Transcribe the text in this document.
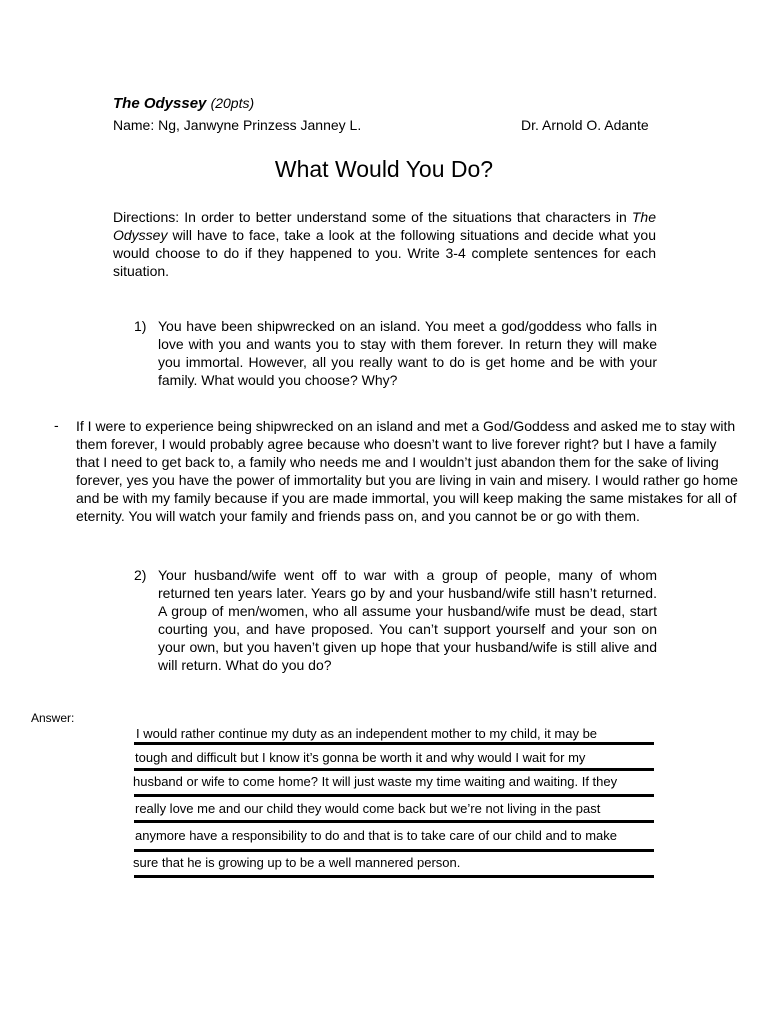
The Odyssey (20pts)
Name: Ng, Janwyne Prinzess Janney L.	Dr. Arnold O. Adante
What Would You Do?
Directions: In order to better understand some of the situations that characters in The Odyssey will have to face, take a look at the following situations and decide what you would choose to do if they happened to you. Write 3-4 complete sentences for each situation.
1) You have been shipwrecked on an island. You meet a god/goddess who falls in love with you and wants you to stay with them forever. In return they will make you immortal. However, all you really want to do is get home and be with your family. What would you choose? Why?
- If I were to experience being shipwrecked on an island and met a God/Goddess and asked me to stay with them forever, I would probably agree because who doesn’t want to live forever right? but I have a family that I need to get back to, a family who needs me and I wouldn’t just abandon them for the sake of living forever, yes you have the power of immortality but you are living in vain and misery. I would rather go home and be with my family because if you are made immortal, you will keep making the same mistakes for all of eternity. You will watch your family and friends pass on, and you cannot be or go with them.
2) Your husband/wife went off to war with a group of people, many of whom returned ten years later. Years go by and your husband/wife still hasn’t returned. A group of men/women, who all assume your husband/wife must be dead, start courting you, and have proposed. You can’t support yourself and your son on your own, but you haven’t given up hope that your husband/wife is still alive and will return. What do you do?
Answer:
I would rather continue my duty as an independent mother to my child, it may be
tough and difficult but I know it’s gonna be worth it and why would I wait for my
husband or wife to come home? It will just waste my time waiting and waiting. If they
really love me and our child they would come back but we’re not living in the past
anymore have a responsibility to do and that is to take care of our child and to make
sure that he is growing up to be a well mannered person.
